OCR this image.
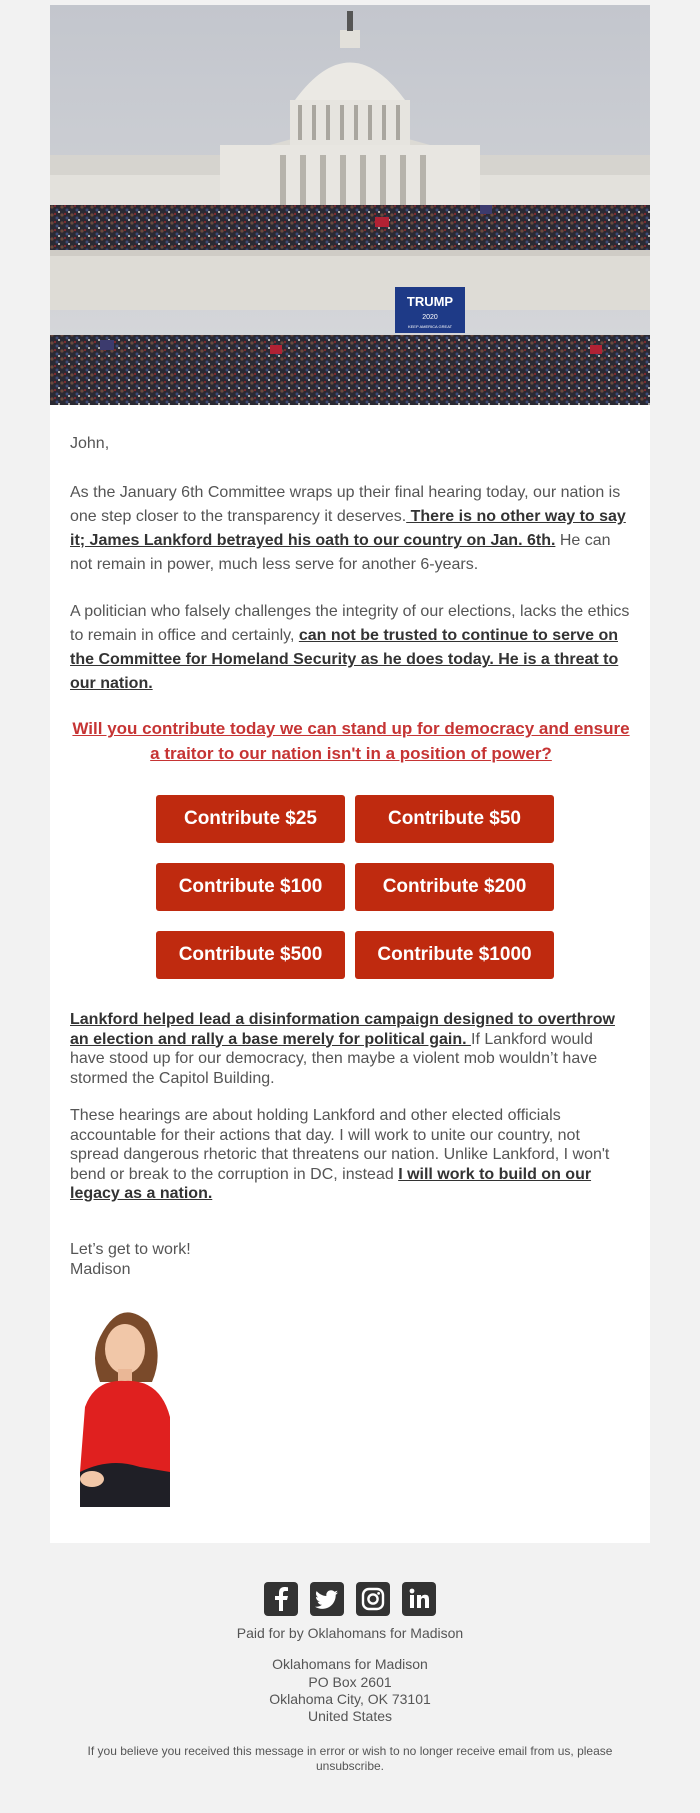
TRUMP
2020
KEEP AMERICA GREAT

John,

As the January 6th Committee wraps up their final hearing today, our nation is one step closer to the transparency it deserves. There is no other way to say it; James Lankford betrayed his oath to our country on Jan. 6th. He can not remain in power, much less serve for another 6-years.

A politician who falsely challenges the integrity of our elections, lacks the ethics to remain in office and certainly, can not be trusted to continue to serve on the Committee for Homeland Security as he does today. He is a threat to our nation.

Will you contribute today we can stand up for democracy and ensure a traitor to our nation isn't in a position of power?
Contribute $25	Contribute $50
Contribute $100	Contribute $200
Contribute $500	Contribute $1000

Lankford helped lead a disinformation campaign designed to overthrow an election and rally a base merely for political gain. If Lankford would have stood up for our democracy, then maybe a violent mob wouldn’t have stormed the Capitol Building.

These hearings are about holding Lankford and other elected officials accountable for their actions that day. I will work to unite our country, not spread dangerous rhetoric that threatens our nation. Unlike Lankford, I won't bend or break to the corruption in DC, instead I will work to build on our legacy as a nation.

Let’s get to work!

Madison

Paid for by Oklahomans for Madison
Oklahomans for Madison
PO Box 2601
Oklahoma City, OK 73101
United States
If you believe you received this message in error or wish to no longer receive email from us, please unsubscribe.
